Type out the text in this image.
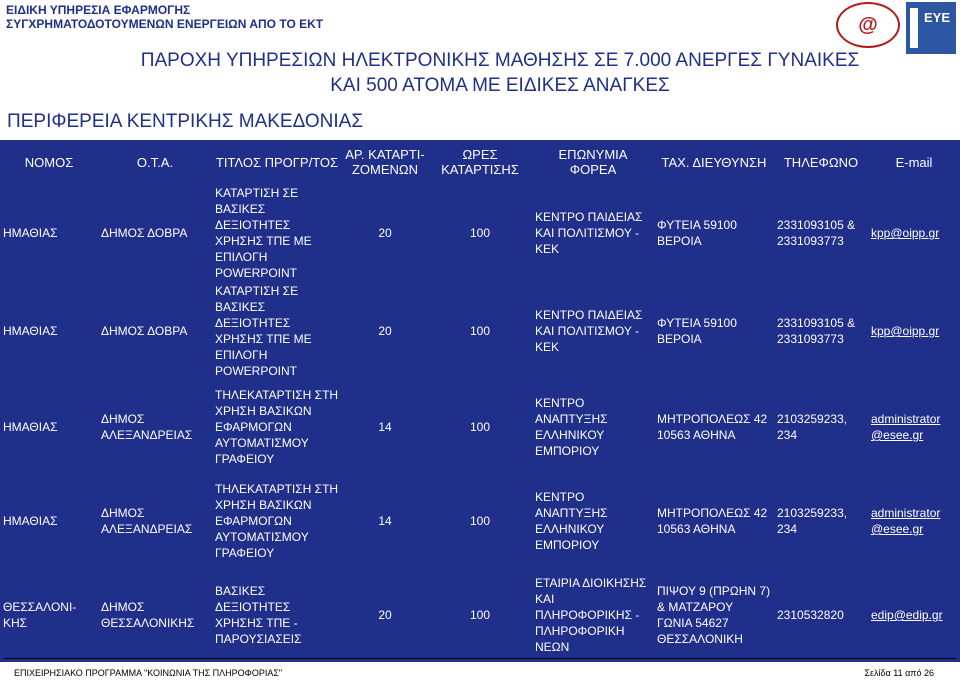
ΕΙΔΙΚΗ ΥΠΗΡΕΣΙΑ ΕΦΑΡΜΟΓΗΣ
ΣΥΓΧΡΗΜΑΤΟΔΟΤΟΥΜΕΝΩΝ ΕΝΕΡΓΕΙΩΝ ΑΠΟ ΤΟ ΕΚΤ	@	ΕΥΕ
ΠΑΡΟΧΗ ΥΠΗΡΕΣΙΩΝ ΗΛΕΚΤΡΟΝΙΚΗΣ ΜΑΘΗΣΗΣ ΣΕ 7.000 ΑΝΕΡΓΕΣ ΓΥΝΑΙΚΕΣ
ΚΑΙ 500 ΑΤΟΜΑ ΜΕ ΕΙΔΙΚΕΣ ΑΝΑΓΚΕΣ
ΠΕΡΙΦΕΡΕΙΑ ΚΕΝΤΡΙΚΗΣ ΜΑΚΕΔΟΝΙΑΣ
ΝΟΜΟΣ	Ο.Τ.Α.	ΤΙΤΛΟΣ ΠΡΟΓΡ/ΤΟΣ	ΑΡ. ΚΑΤΑΡΤΙ-ΖΟΜΕΝΩΝ	ΩΡΕΣ ΚΑΤΑΡΤΙΣΗΣ	ΕΠΩΝΥΜΙΑ ΦΟΡΕΑ	ΤΑΧ. ΔΙΕΥΘΥΝΣΗ	ΤΗΛΕΦΩΝΟ	E-mail
ΗΜΑΘΙΑΣ	ΔΗΜΟΣ ΔΟΒΡΑ	ΚΑΤΑΡΤΙΣΗ ΣΕ ΒΑΣΙΚΕΣ ΔΕΞΙΟΤΗΤΕΣ ΧΡΗΣΗΣ ΤΠΕ ΜΕ ΕΠΙΛΟΓΗ POWERPOINT	20	100	ΚΕΝΤΡΟ ΠΑΙΔΕΙΑΣ ΚΑΙ ΠΟΛΙΤΙΣΜΟΥ - ΚΕΚ	ΦΥΤΕΙΑ 59100 ΒΕΡΟΙΑ	2331093105 & 2331093773	kpp@oipp.gr
ΗΜΑΘΙΑΣ	ΔΗΜΟΣ ΔΟΒΡΑ	ΚΑΤΑΡΤΙΣΗ ΣΕ ΒΑΣΙΚΕΣ ΔΕΞΙΟΤΗΤΕΣ ΧΡΗΣΗΣ ΤΠΕ ΜΕ ΕΠΙΛΟΓΗ POWERPOINT	20	100	ΚΕΝΤΡΟ ΠΑΙΔΕΙΑΣ ΚΑΙ ΠΟΛΙΤΙΣΜΟΥ - ΚΕΚ	ΦΥΤΕΙΑ 59100 ΒΕΡΟΙΑ	2331093105 & 2331093773	kpp@oipp.gr
ΗΜΑΘΙΑΣ	ΔΗΜΟΣ ΑΛΕΞΑΝΔΡΕΙΑΣ	ΤΗΛΕΚΑΤΑΡΤΙΣΗ ΣΤΗ ΧΡΗΣΗ ΒΑΣΙΚΩΝ ΕΦΑΡΜΟΓΩΝ ΑΥΤΟΜΑΤΙΣΜΟΥ ΓΡΑΦΕΙΟΥ	14	100	ΚΕΝΤΡΟ ΑΝΑΠΤΥΞΗΣ ΕΛΛΗΝΙΚΟΥ ΕΜΠΟΡΙΟΥ	ΜΗΤΡΟΠΟΛΕΩΣ 42 10563 ΑΘΗΝΑ	2103259233, 234	administrator @esee.gr
ΗΜΑΘΙΑΣ	ΔΗΜΟΣ ΑΛΕΞΑΝΔΡΕΙΑΣ	ΤΗΛΕΚΑΤΑΡΤΙΣΗ ΣΤΗ ΧΡΗΣΗ ΒΑΣΙΚΩΝ ΕΦΑΡΜΟΓΩΝ ΑΥΤΟΜΑΤΙΣΜΟΥ ΓΡΑΦΕΙΟΥ	14	100	ΚΕΝΤΡΟ ΑΝΑΠΤΥΞΗΣ ΕΛΛΗΝΙΚΟΥ ΕΜΠΟΡΙΟΥ	ΜΗΤΡΟΠΟΛΕΩΣ 42 10563 ΑΘΗΝΑ	2103259233, 234	administrator @esee.gr
ΘΕΣΣΑΛΟΝΙ-ΚΗΣ	ΔΗΜΟΣ ΘΕΣΣΑΛΟΝΙΚΗΣ	ΒΑΣΙΚΕΣ ΔΕΞΙΟΤΗΤΕΣ ΧΡΗΣΗΣ ΤΠΕ - ΠΑΡΟΥΣΙΑΣΕΙΣ	20	100	ΕΤΑΙΡΙΑ ΔΙΟΙΚΗΣΗΣ ΚΑΙ ΠΛΗΡΟΦΟΡΙΚΗΣ - ΠΛΗΡΟΦΟΡΙΚΗ ΝΕΩΝ	ΠΙΨΟΥ 9 (ΠΡΩΗΝ 7) & ΜΑΤΖΑΡΟΥ ΓΩΝΙΑ 54627 ΘΕΣΣΑΛΟΝΙΚΗ	2310532820	edip@edip.gr
ΕΠΙΧΕΙΡΗΣΙΑΚΟ ΠΡΟΓΡΑΜΜΑ "ΚΟΙΝΩΝΙΑ ΤΗΣ ΠΛΗΡΟΦΟΡΙΑΣ"	Σελίδα 11 από 26
